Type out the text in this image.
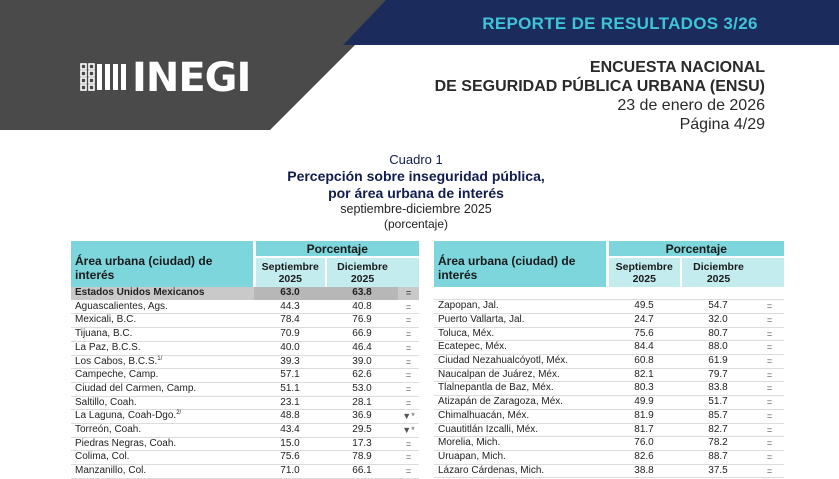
INEGI
REPORTE DE RESULTADOS 3/26
ENCUESTA NACIONAL
DE SEGURIDAD PÚBLICA URBANA (ENSU)
23 de enero de 2026
Página 4/29
Cuadro 1
Percepción sobre inseguridad pública,
por área urbana de interés
septiembre-diciembre 2025
(porcentaje)
Área urbana (ciudad) de interés	Porcentaje		
	Septiembre
2025	Diciembre
2025	
Estados Unidos Mexicanos	63.0	63.8	=
Aguascalientes, Ags.	44.3	40.8	=
Mexicali, B.C.	78.4	76.9	=
Tijuana, B.C.	70.9	66.9	=
La Paz, B.C.S.	40.0	46.4	=
Los Cabos, B.C.S.$^{1/}$	39.3	39.0	=
Campeche, Camp.	57.1	62.6	=
Ciudad del Carmen, Camp.	51.1	53.0	=
Saltillo, Coah.	23.1	28.1	=
La Laguna, Coah-Dgo.$^{2/}$	48.8	36.9	▼*
Torreón, Coah.	43.4	29.5	▼*
Piedras Negras, Coah.	15.0	17.3	=
Colima, Col.	75.6	78.9	=
Manzanillo, Col.	71.0	66.1	=
Área urbana (ciudad) de interés	Porcentaje		
	Septiembre
2025	Diciembre
2025	

Zapopan, Jal.	49.5	54.7	=
Puerto Vallarta, Jal.	24.7	32.0	=
Toluca, Méx.	75.6	80.7	=
Ecatepec, Méx.	84.4	88.0	=
Ciudad Nezahualcóyotl, Méx.	60.8	61.9	=
Naucalpan de Juárez, Méx.	82.1	79.7	=
Tlalnepantla de Baz, Méx.	80.3	83.8	=
Atizapán de Zaragoza, Méx.	49.9	51.7	=
Chimalhuacán, Méx.	81.9	85.7	=
Cuautitlán Izcalli, Méx.	81.7	82.7	=
Morelia, Mich.	76.0	78.2	=
Uruapan, Mich.	82.6	88.7	=
Lázaro Cárdenas, Mich.	38.8	37.5	=
